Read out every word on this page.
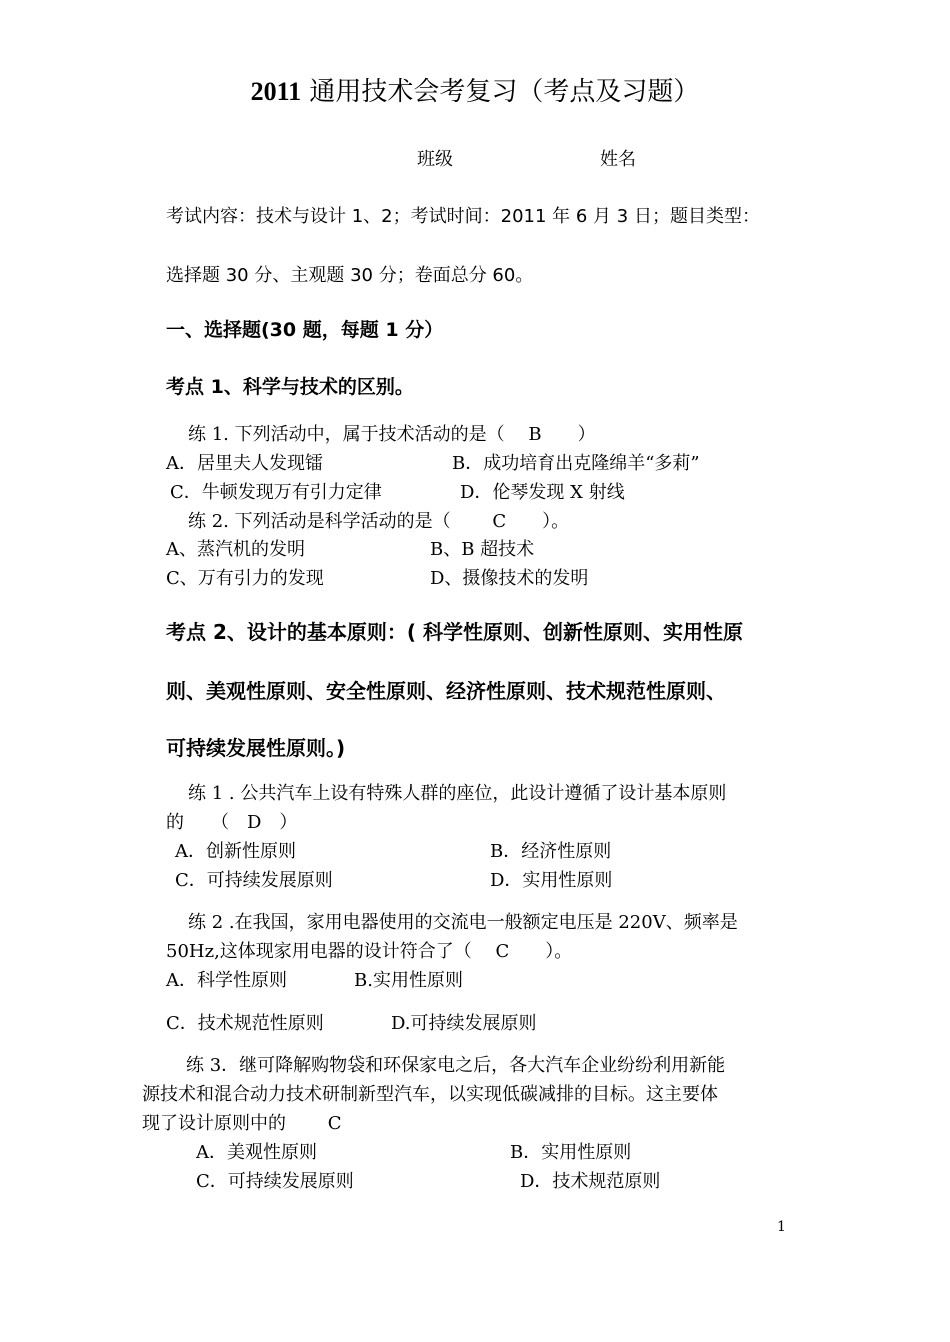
2011 通用技术会考复习（考点及习题）
班级	姓名
考试内容：技术与设计 1、2；考试时间：2011 年 6 月 3 日；题目类型：
选择题 30 分、主观题 30 分；卷面总分 60。
一、选择题(30 题，每题 1 分）
考点 1、科学与技术的区别。
练 1. 下列活动中，属于技术活动的是（　 B　　）
A．居里夫人发现镭	B．成功培育出克隆绵羊“多莉”
C．牛顿发现万有引力定律	D．伦琴发现 X 射线
练 2. 下列活动是科学活动的是（　　 C　　）。
A、蒸汽机的发明	B、B 超技术
C、万有引力的发现	D、摄像技术的发明
考点 2、设计的基本原则：( 科学性原则、创新性原则、实用性原
则、美观性原则、安全性原则、经济性原则、技术规范性原则、
可持续发展性原则。)
练 1 . 公共汽车上设有特殊人群的座位，此设计遵循了设计基本原则
的　　（　D　）
A．创新性原则	B．经济性原则
C．可持续发展原则	D．实用性原则
练 2 .在我国，家用电器使用的交流电一般额定电压是 220V、频率是
50Hz,这体现家用电器的设计符合了（　 C　　）。
A．科学性原则	B.实用性原则
C．技术规范性原则	D.可持续发展原则
练 3．继可降解购物袋和环保家电之后，各大汽车企业纷纷利用新能
源技术和混合动力技术研制新型汽车，以实现低碳减排的目标。这主要体
现了设计原则中的　　 C
A．美观性原则	B．实用性原则
C．可持续发展原则	D．技术规范原则
1
